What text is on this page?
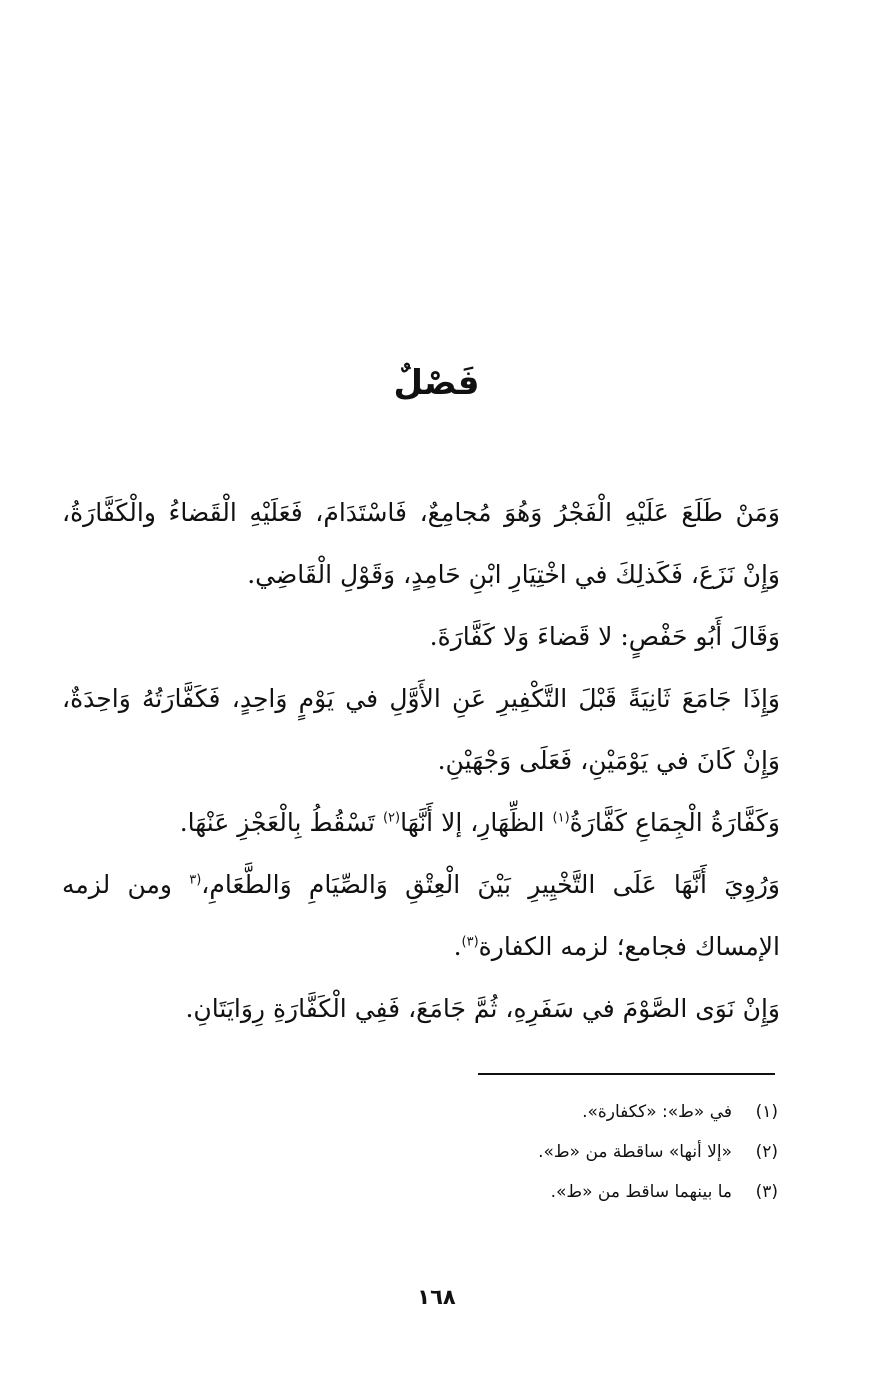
فَصْلٌ

وَمَنْ طَلَعَ عَلَيْهِ الْفَجْرُ وَهُوَ مُجامِعٌ، فَاسْتَدَامَ، فَعَلَيْهِ الْقَضاءُ والْكَفَّارَةُ، وَإِنْ نَزَعَ، فَكَذلِكَ في اخْتِيَارِ ابْنِ حَامِدٍ، وَقَوْلِ الْقَاضِي.

وَقَالَ أَبُو حَفْصٍ: لا قَضاءَ وَلا كَفَّارَةَ.

وَإِذَا جَامَعَ ثَانِيَةً قَبْلَ التَّكْفِيرِ عَنِ الأَوَّلِ في يَوْمٍ وَاحِدٍ، فَكَفَّارَتُهُ وَاحِدَةٌ، وَإِنْ كَانَ في يَوْمَيْنِ، فَعَلَى وَجْهَيْنِ.

وَكَفَّارَةُ الْجِمَاعِ كَفَّارَةُ$^{(١)}$ الظِّهَارِ، إلا أَنَّهَا$^{(٢)}$ تَسْقُطُ بِالْعَجْزِ عَنْهَا.

وَرُوِيَ أَنَّهَا عَلَى التَّخْيِيرِ بَيْنَ الْعِتْقِ وَالصِّيَامِ وَالطَّعَامِ،$^{(٣}$ ومن لزمه الإمساك فجامع؛ لزمه الكفارة$^{(٣)}$.

وَإِنْ نَوَى الصَّوْمَ في سَفَرِهِ، ثُمَّ جَامَعَ، فَفِي الْكَفَّارَةِ رِوَايَتَانِ.

(١)
في «ط»: «ككفارة».
(٢)
«إلا أنها» ساقطة من «ط».
(٣)
ما بينهما ساقط من «ط».
١٦٨
